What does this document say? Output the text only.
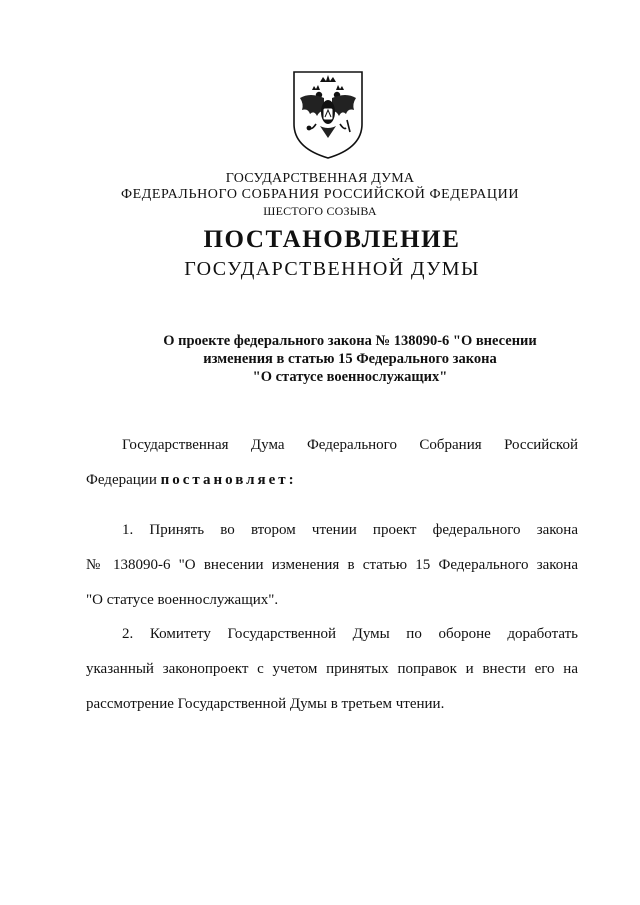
ГОСУДАРСТВЕННАЯ ДУМА
ФЕДЕРАЛЬНОГО СОБРАНИЯ РОССИЙСКОЙ ФЕДЕРАЦИИ
ШЕСТОГО СОЗЫВА
ПОСТАНОВЛЕНИЕ
ГОСУДАРСТВЕННОЙ ДУМЫ
О проекте федерального закона № 138090-6 "О внесении
изменения в статью 15 Федерального закона
"О статусе военнослужащих"
Государственная Дума Федерального Собрания Российской
Федерации постановляет:
1. Принять во втором чтении проект федерального закона
№ 138090-6 "О внесении изменения в статью 15 Федерального закона
"О статусе военнослужащих".
2. Комитету Государственной Думы по обороне доработать
указанный законопроект с учетом принятых поправок и внести его на
рассмотрение Государственной Думы в третьем чтении.
